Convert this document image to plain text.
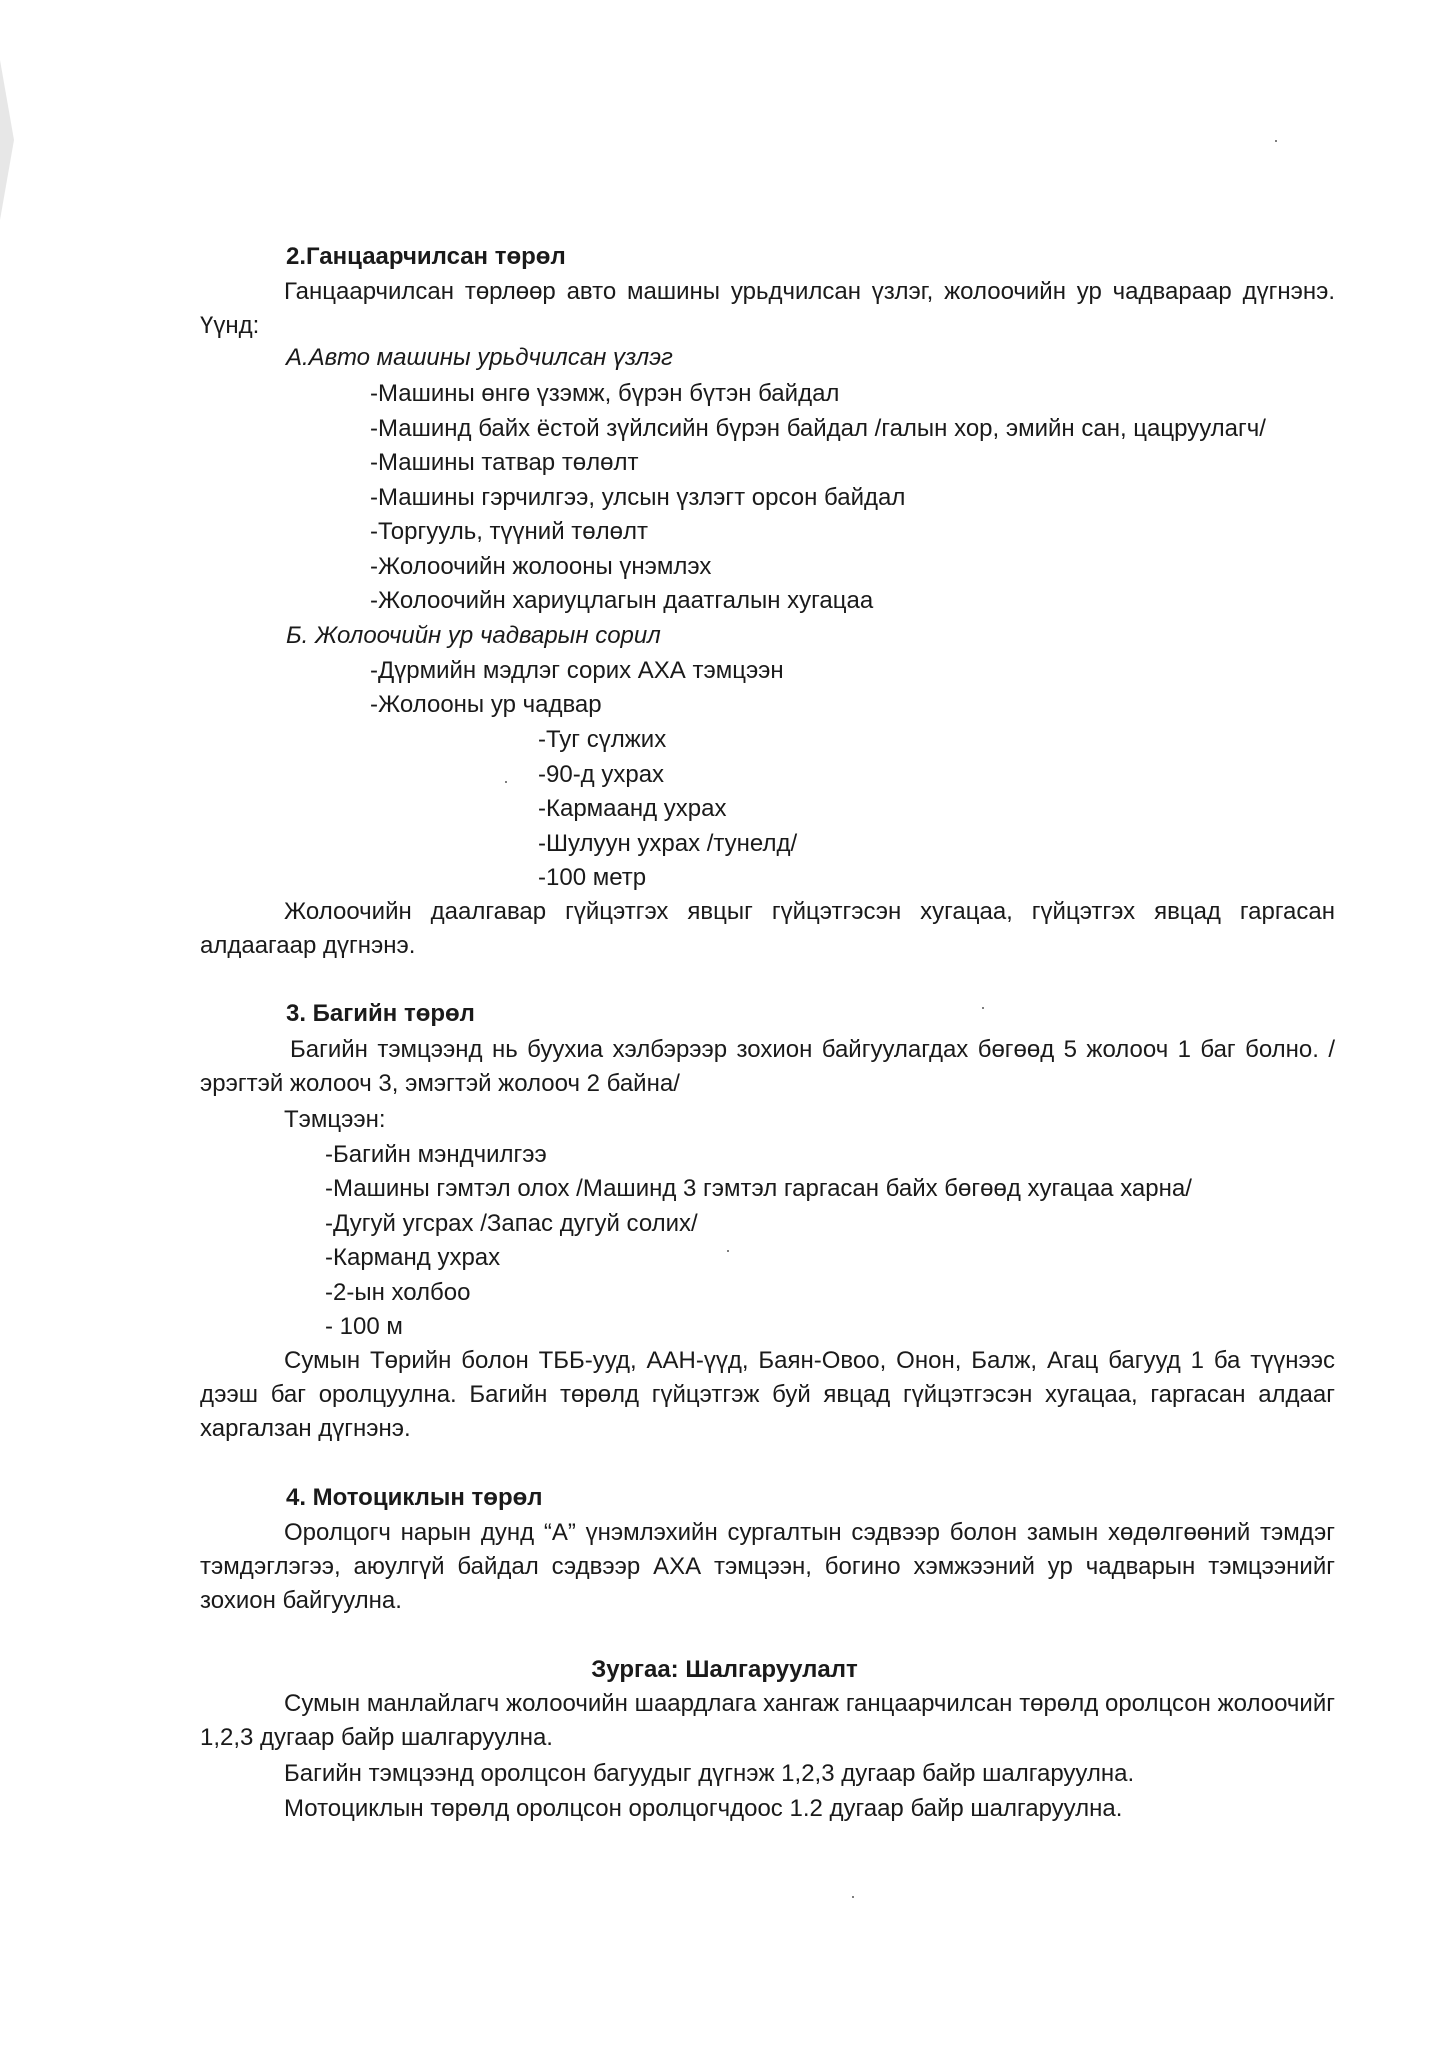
2.Ганцаарчилсан төрөл
Ганцаарчилсан төрлөөр авто машины урьдчилсан үзлэг, жолоочийн ур чадвараар дүгнэнэ. Үүнд:
А.Авто машины урьдчилсан үзлэг
-Машины өнгө үзэмж, бүрэн бүтэн байдал
-Машинд байх ёстой зүйлсийн бүрэн байдал /галын хор, эмийн сан, цацруулагч/
-Машины татвар төлөлт
-Машины гэрчилгээ, улсын үзлэгт орсон байдал
-Торгууль, түүний төлөлт
-Жолоочийн жолооны үнэмлэх
-Жолоочийн хариуцлагын даатгалын хугацаа
Б. Жолоочийн ур чадварын сорил
-Дүрмийн мэдлэг сорих АХА тэмцээн
-Жолооны ур чадвар
-Туг сүлжих
-90-д ухрах
-Кармаанд ухрах
-Шулуун ухрах /тунелд/
-100 метр
Жолоочийн даалгавар гүйцэтгэх явцыг гүйцэтгэсэн хугацаа, гүйцэтгэх явцад гаргасан алдаагаар дүгнэнэ.
3. Багийн төрөл
Багийн тэмцээнд нь буухиа хэлбэрээр зохион байгуулагдах бөгөөд 5 жолооч 1 баг болно. /эрэгтэй жолооч 3, эмэгтэй жолооч 2 байна/
Тэмцээн:
-Багийн мэндчилгээ
-Машины гэмтэл олох /Машинд 3 гэмтэл гаргасан байх бөгөөд хугацаа харна/
-Дугуй угсрах /Запас дугуй солих/
-Карманд ухрах
-2-ын холбоо
- 100 м
Сумын Төрийн болон ТББ-ууд, ААН-үүд, Баян-Овоо, Онон, Балж, Агац багууд 1 ба түүнээс дээш баг оролцуулна. Багийн төрөлд гүйцэтгэж буй явцад гүйцэтгэсэн хугацаа, гаргасан алдааг харгалзан дүгнэнэ.
4. Мотоциклын төрөл
Оролцогч нарын дунд “А” үнэмлэхийн сургалтын сэдвээр болон замын хөдөлгөөний тэмдэг тэмдэглэгээ, аюулгүй байдал сэдвээр АХА тэмцээн, богино хэмжээний ур чадварын тэмцээнийг зохион байгуулна.
Зургаа: Шалгаруулалт
Сумын манлайлагч жолоочийн шаардлага хангаж ганцаарчилсан төрөлд оролцсон жолоочийг 1,2,3 дугаар байр шалгаруулна.
Багийн тэмцээнд оролцсон багуудыг дүгнэж 1,2,3 дугаар байр шалгаруулна.
Мотоциклын төрөлд оролцсон оролцогчдоос 1.2 дугаар байр шалгаруулна.
